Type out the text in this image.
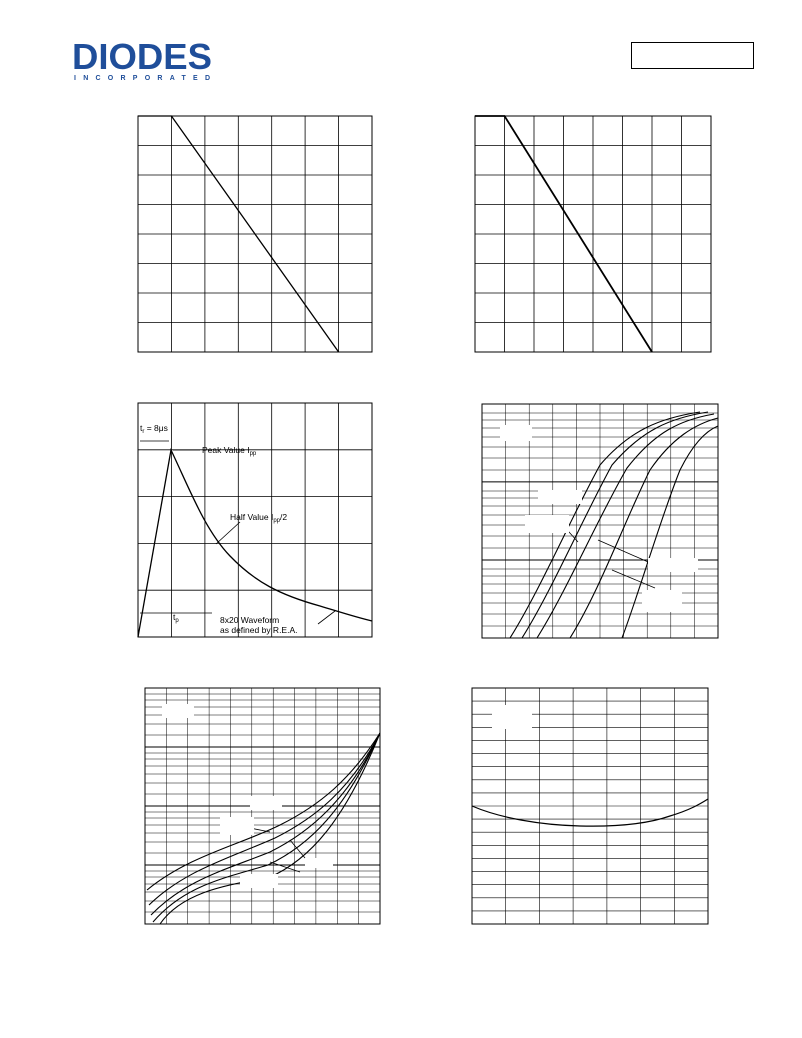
DIODES
INCORPORATED
$t_r = 8\mu s$
Peak Value $I_{pp}$
Half Value $I_{pp}/2$
$t_p$	8x20 Waveform
as defined by R.E.A.
